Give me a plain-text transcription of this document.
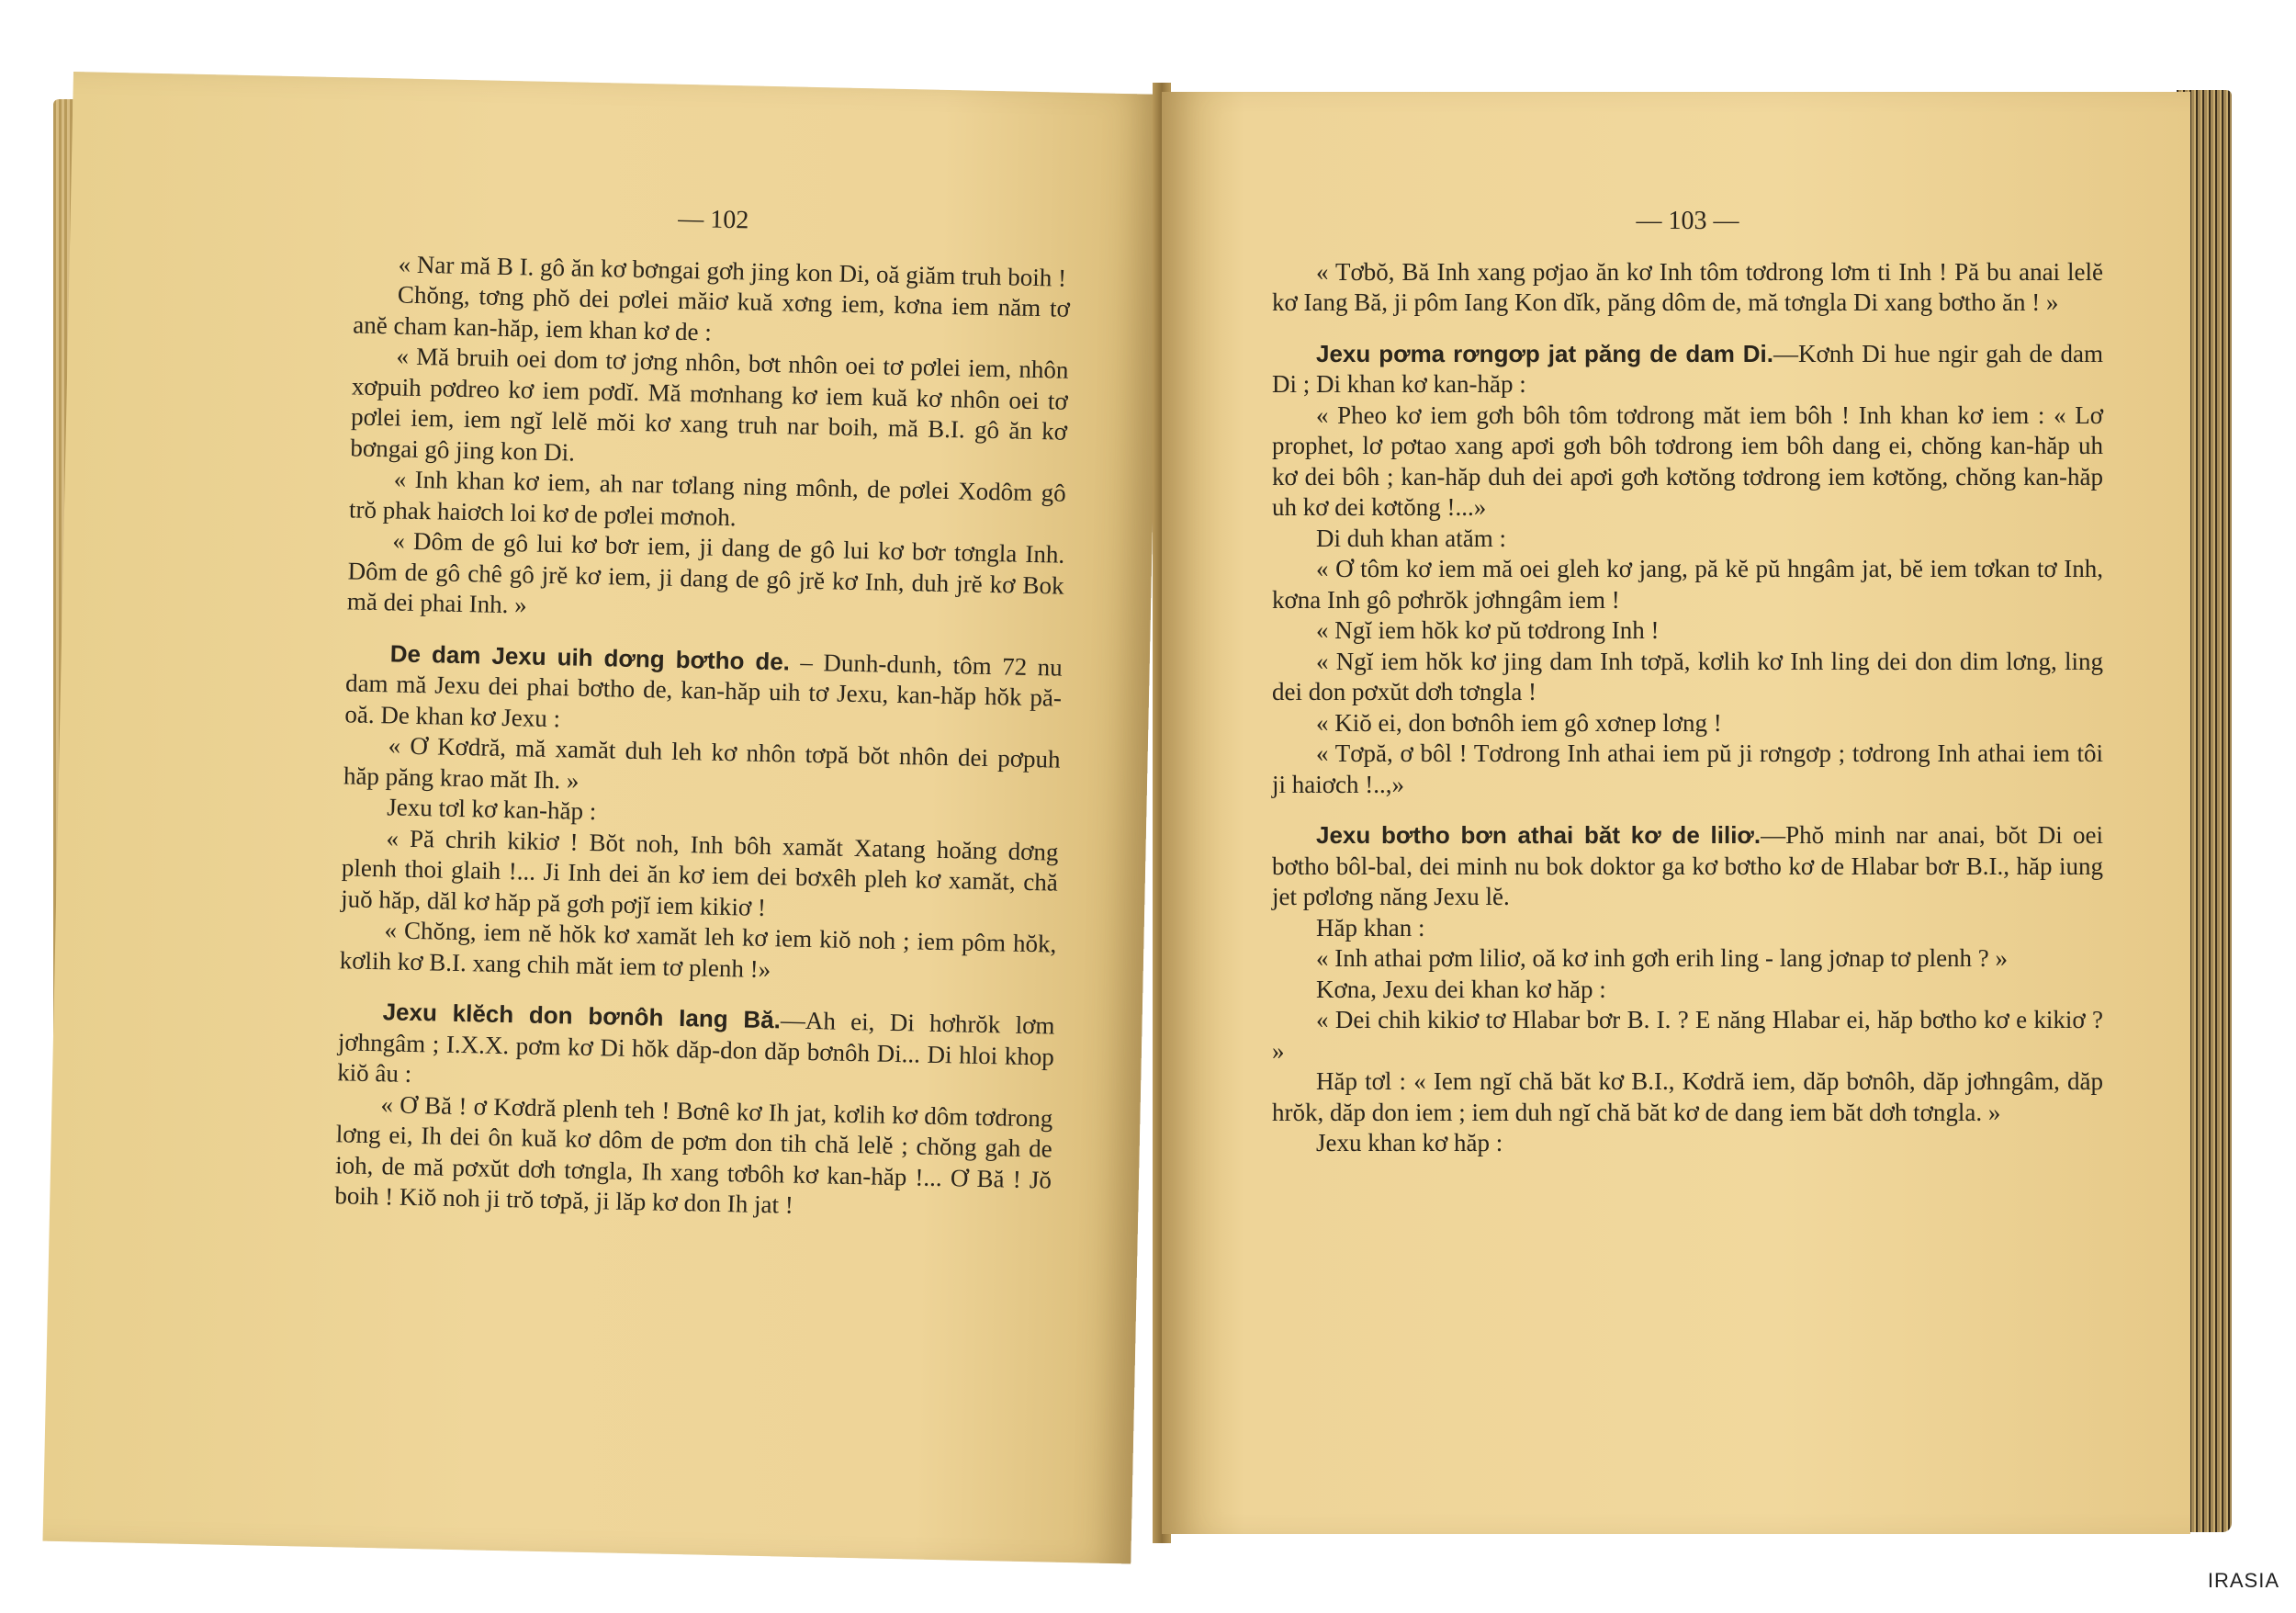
— 102

« Nar mă B I. gô ăn kơ bơngai gơh jing kon Di, oă giăm truh boih !

Chŏng, tơng phŏ dei pơlei măiơ kuă xơng iem, kơna iem năm tơ anĕ cham kan-hăp, iem khan kơ de :

« Mă bruih oei dom tơ jơng nhôn, bơt nhôn oei tơ pơlei iem, nhôn xơpuih pơdreo kơ iem pơdĭ. Mă mơnhang kơ iem kuă kơ nhôn oei tơ pơlei iem, iem ngĭ lelĕ mŏi kơ xang truh nar boih, mă B.I. gô ăn kơ bơngai gô jing kon Di.

« Inh khan kơ iem, ah nar tơlang ning mônh, de pơlei Xodôm gô trŏ phak haiơch loi kơ de pơlei mơnoh.

« Dôm de gô lui kơ bơr iem, ji dang de gô lui kơ bơr tơngla Inh. Dôm de gô chê gô jrĕ kơ iem, ji dang de gô jrĕ kơ Inh, duh jrĕ kơ Bok mă dei phai Inh. »

De dam Jexu uih dơng bơtho de. – Dunh-dunh, tôm 72 nu dam mă Jexu dei phai bơtho de, kan-hăp uih tơ Jexu, kan-hăp hŏk pă-oă. De khan kơ Jexu :

« Ơ Kơdră, mă xamăt duh leh kơ nhôn tơpă bŏt nhôn dei pơpuh hăp păng krao măt Ih. »

Jexu tơl kơ kan-hăp :

« Pă chrih kikiơ ! Bŏt noh, Inh bôh xamăt Xatang hoăng dơng plenh thoi glaih !... Ji Inh dei ăn kơ iem dei bơxêh pleh kơ xamăt, chă juŏ hăp, dăl kơ hăp pă gơh pơjĭ iem kikiơ !

« Chŏng, iem nĕ hŏk kơ xamăt leh kơ iem kiŏ noh ; iem pôm hŏk, kơlih kơ B.I. xang chih măt iem tơ plenh !»

Jexu klĕch don bơnôh Iang Bă.—Ah ei, Di hơhrŏk lơm jơhngâm ; I.X.X. pơm kơ Di hŏk dăp-don dăp bơnôh Di... Di hloi khop kiŏ âu :

« Ơ Bă ! ơ Kơdră plenh teh ! Bơnê kơ Ih jat, kơlih kơ dôm tơdrong lơng ei, Ih dei ôn kuă kơ dôm de pơm don tih chă lelĕ ; chŏng gah de ioh, de mă pơxŭt dơh tơngla, Ih xang tơbôh kơ kan-hăp !... Ơ Bă ! Jŏ boih ! Kiŏ noh ji trŏ tơpă, ji lăp kơ don Ih jat !

— 103 —

« Tơbŏ, Bă Inh xang pơjao ăn kơ Inh tôm tơdrong lơm ti Inh ! Pă bu anai lelĕ kơ Iang Bă, ji pôm Iang Kon dĭk, păng dôm de, mă tơngla Di xang bơtho ăn ! »

Jexu pơma rơngơp jat păng de dam Di.—Kơnh Di hue ngir gah de dam Di ; Di khan kơ kan-hăp :

« Pheo kơ iem gơh bôh tôm tơdrong măt iem bôh ! Inh khan kơ iem : « Lơ prophet, lơ pơtao xang apơi gơh bôh tơdrong iem bôh dang ei, chŏng kan-hăp uh kơ dei bôh ; kan-hăp duh dei apơi gơh kơtŏng tơdrong iem kơtŏng, chŏng kan-hăp uh kơ dei kơtŏng !...»

Di duh khan atăm :

« Ơ tôm kơ iem mă oei gleh kơ jang, pă kĕ pŭ hngâm jat, bĕ iem tơkan tơ Inh, kơna Inh gô pơhrŏk jơhngâm iem !

« Ngĭ iem hŏk kơ pŭ tơdrong Inh !

« Ngĭ iem hŏk kơ jing dam Inh tơpă, kơlih kơ Inh ling dei don dim lơng, ling dei don pơxŭt dơh tơngla !

« Kiŏ ei, don bơnôh iem gô xơnep lơng !

« Tơpă, ơ bôl ! Tơdrong Inh athai iem pŭ ji rơngơp ; tơdrong Inh athai iem tôi ji haiơch !..,»

Jexu bơtho bơn athai băt kơ de liliơ.—Phŏ minh nar anai, bŏt Di oei bơtho bôl-bal, dei minh nu bok doktor ga kơ bơtho kơ de Hlabar bơr B.I., hăp iung jet pơlơng năng Jexu lĕ.

Hăp khan :

« Inh athai pơm liliơ, oă kơ inh gơh erih ling - lang jơnap tơ plenh ? »

Kơna, Jexu dei khan kơ hăp :

« Dei chih kikiơ tơ Hlabar bơr B. I. ? E năng Hlabar ei, hăp bơtho kơ e kikiơ ? »

Hăp tơl : « Iem ngĭ chă băt kơ B.I., Kơdră iem, dăp bơnôh, dăp jơhngâm, dăp hrŏk, dăp don iem ; iem duh ngĭ chă băt kơ de dang iem băt dơh tơngla. »

Jexu khan kơ hăp :

IRASIA
